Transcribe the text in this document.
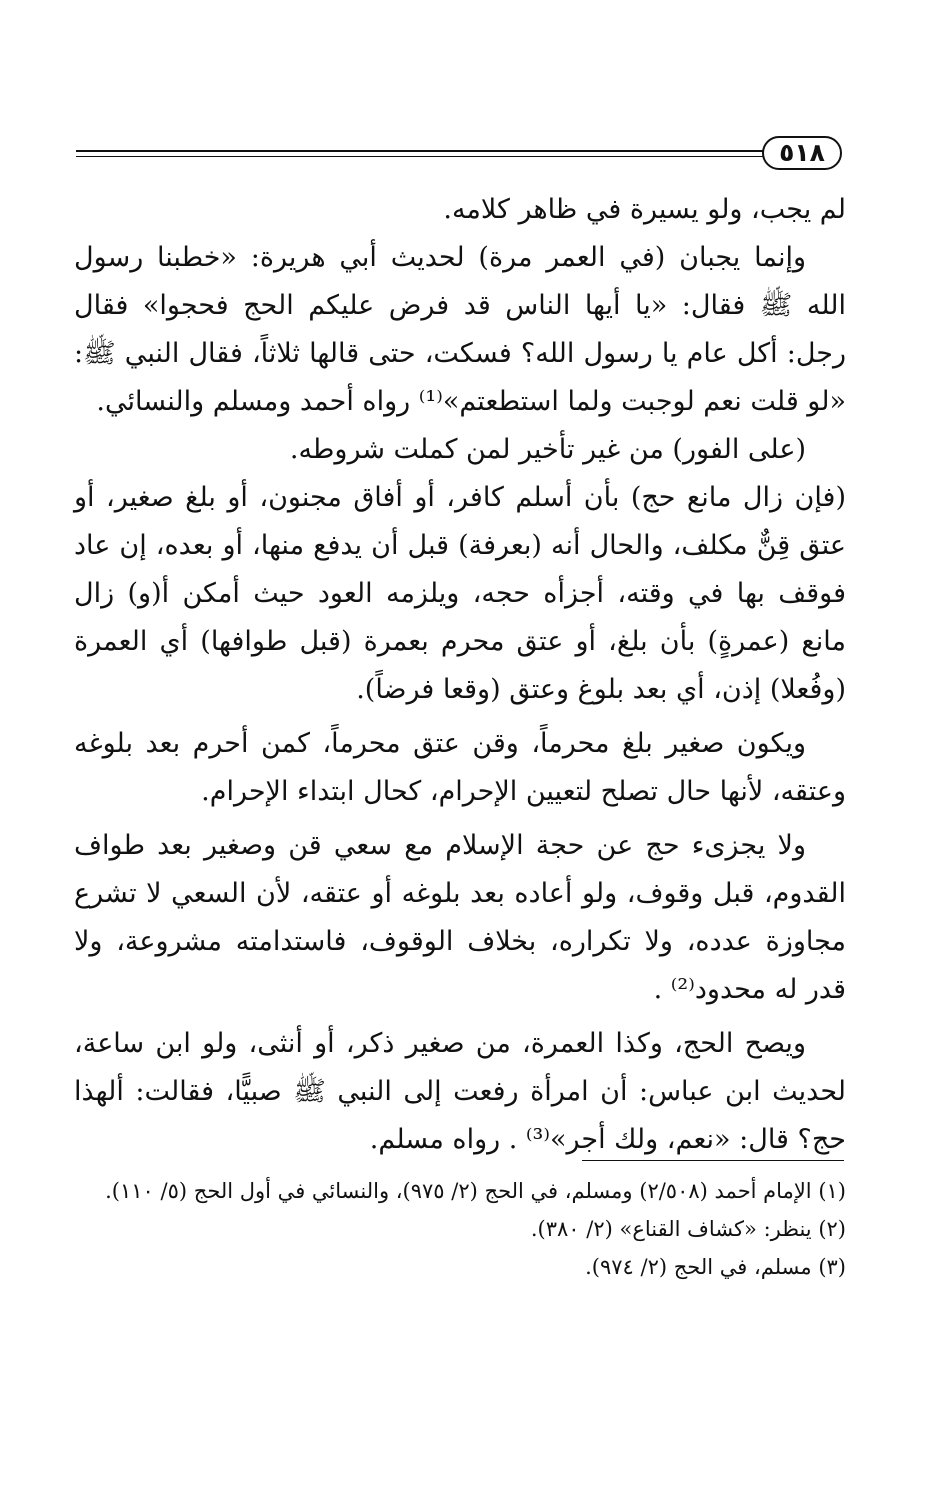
٥١٨

لم يجب، ولو يسيرة في ظاهر كلامه.

وإنما يجبان (في العمر مرة) لحديث أبي هريرة: «خطبنا رسول الله ﷺ فقال: «يا أيها الناس قد فرض عليكم الحج فحجوا» فقال رجل: أكل عام يا رسول الله؟ فسكت، حتى قالها ثلاثاً، فقال النبي ﷺ: «لو قلت نعم لوجبت ولما استطعتم»⁽¹⁾ رواه أحمد ومسلم والنسائي.

(على الفور) من غير تأخير لمن كملت شروطه.

(فإن زال مانع حج) بأن أسلم كافر، أو أفاق مجنون، أو بلغ صغير، أو عتق قِنٌّ مكلف، والحال أنه (بعرفة) قبل أن يدفع منها، أو بعده، إن عاد فوقف بها في وقته، أجزأه حجه، ويلزمه العود حيث أمكن أ(و) زال مانع (عمرةٍ) بأن بلغ، أو عتق محرم بعمرة (قبل طوافها) أي العمرة (وفُعلا) إذن، أي بعد بلوغ وعتق (وقعا فرضاً).

ويكون صغير بلغ محرماً، وقن عتق محرماً، كمن أحرم بعد بلوغه وعتقه، لأنها حال تصلح لتعيين الإحرام، كحال ابتداء الإحرام.

ولا يجزىء حج عن حجة الإسلام مع سعي قن وصغير بعد طواف القدوم، قبل وقوف، ولو أعاده بعد بلوغه أو عتقه، لأن السعي لا تشرع مجاوزة عدده، ولا تكراره، بخلاف الوقوف، فاستدامته مشروعة، ولا قدر له محدود⁽²⁾ .

ويصح الحج، وكذا العمرة، من صغير ذكر، أو أنثى، ولو ابن ساعة، لحديث ابن عباس: أن امرأة رفعت إلى النبي ﷺ صبيًّا، فقالت: ألهذا حج؟ قال: «نعم، ولك أجر»⁽³⁾ . رواه مسلم.

(١) الإمام أحمد (٢/٥٠٨) ومسلم، في الحج (٢/ ٩٧٥)، والنسائي في أول الحج (٥/ ١١٠).

(٢) ينظر: «كشاف القناع» (٢/ ٣٨٠).

(٣) مسلم، في الحج (٢/ ٩٧٤).
